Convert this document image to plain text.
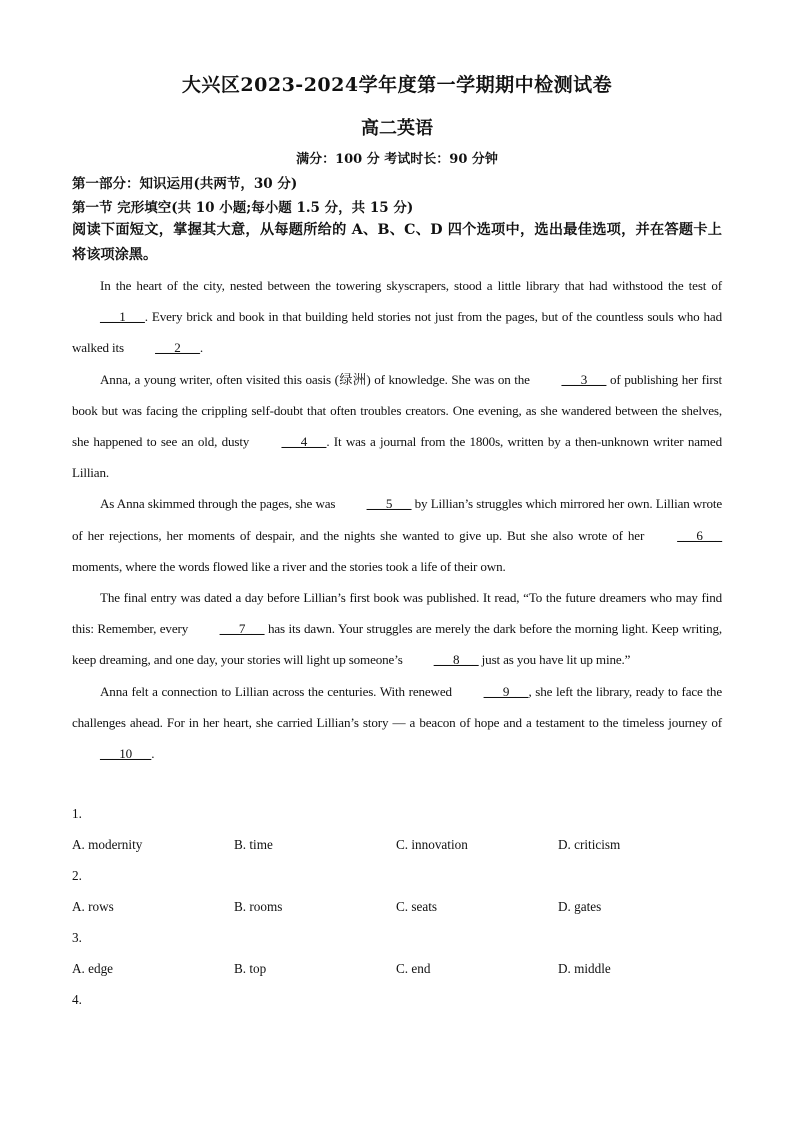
大兴区2023-2024学年度第一学期期中检测试卷
高二英语
满分：100 分 考试时长：90 分钟
第一部分：知识运用(共两节，30 分)
第一节 完形填空(共 10 小题;每小题 1.5 分，共 15 分)
阅读下面短文，掌握其大意，从每题所给的 A、B、C、D 四个选项中，选出最佳选项，并在答题卡上将该项涂黑。

In the heart of the city, nested between the towering skyscrapers, stood a little library that had withstood the test of ___1___. Every brick and book in that building held stories not just from the pages, but of the countless souls who had walked its ___2___.

Anna, a young writer, often visited this oasis (绿洲) of knowledge. She was on the ___3___ of publishing her first book but was facing the crippling self-doubt that often troubles creators. One evening, as she wandered between the shelves, she happened to see an old, dusty ___4___. It was a journal from the 1800s, written by a then-unknown writer named Lillian.

As Anna skimmed through the pages, she was ___5___ by Lillian’s struggles which mirrored her own. Lillian wrote of her rejections, her moments of despair, and the nights she wanted to give up. But she also wrote of her ___6___ moments, where the words flowed like a river and the stories took a life of their own.

The final entry was dated a day before Lillian’s first book was published. It read, “To the future dreamers who may find this: Remember, every ___7___ has its dawn. Your struggles are merely the dark before the morning light. Keep writing, keep dreaming, and one day, your stories will light up someone’s ___8___ just as you have lit up mine.”

Anna felt a connection to Lillian across the centuries. With renewed ___9___, she left the library, ready to face the challenges ahead. For in her heart, she carried Lillian’s story — a beacon of hope and a testament to the timeless journey of ___10___.

1.
A. modernity	B. time	C. innovation	D. criticism
2.
A. rows	B. rooms	C. seats	D. gates
3.
A. edge	B. top	C. end	D. middle
4.
